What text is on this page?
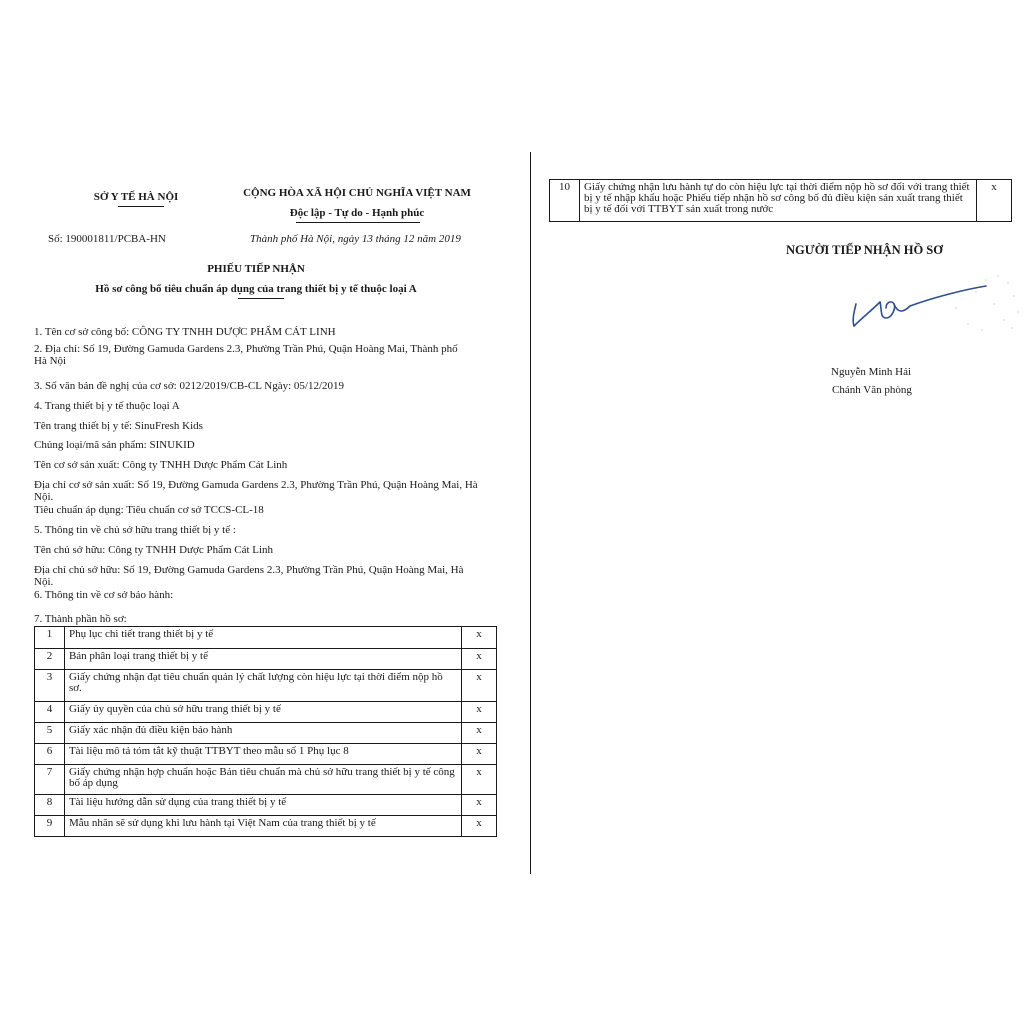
SỞ Y TẾ HÀ NỘI	CỘNG HÒA XÃ HỘI CHỦ NGHĨA VIỆT NAM
Độc lập - Tự do - Hạnh phúc
Số: 190001811/PCBA-HN	Thành phố Hà Nội, ngày 13 tháng 12 năm 2019
PHIẾU TIẾP NHẬN
Hồ sơ công bố tiêu chuẩn áp dụng của trang thiết bị y tế thuộc loại A
1. Tên cơ sở công bố: CÔNG TY TNHH DƯỢC PHẨM CÁT LINH
2. Địa chỉ: Số 19, Đường Gamuda Gardens 2.3, Phường Trần Phú, Quận Hoàng Mai, Thành phố Hà Nội
3. Số văn bản đề nghị của cơ sở: 0212/2019/CB-CL Ngày: 05/12/2019
4. Trang thiết bị y tế thuộc loại A
Tên trang thiết bị y tế: SinuFresh Kids
Chủng loại/mã sản phẩm: SINUKID
Tên cơ sở sản xuất: Công ty TNHH Dược Phẩm Cát Linh
Địa chỉ cơ sở sản xuất: Số 19, Đường Gamuda Gardens 2.3, Phường Trần Phú, Quận Hoàng Mai, Hà Nội.
Tiêu chuẩn áp dụng: Tiêu chuẩn cơ sở TCCS-CL-18
5. Thông tin về chủ sở hữu trang thiết bị y tế :
Tên chủ sở hữu: Công ty TNHH Dược Phẩm Cát Linh
Địa chỉ chủ sở hữu: Số 19, Đường Gamuda Gardens 2.3, Phường Trần Phú, Quận Hoàng Mai, Hà Nội.
6. Thông tin về cơ sở bảo hành:
7. Thành phần hồ sơ:
1	Phụ lục chi tiết trang thiết bị y tế	x
2	Bản phân loại trang thiết bị y tế	x
3	Giấy chứng nhận đạt tiêu chuẩn quản lý chất lượng còn hiệu lực tại thời điểm nộp hồ sơ.	x
4	Giấy ủy quyền của chủ sở hữu trang thiết bị y tế	x
5	Giấy xác nhận đủ điều kiện bảo hành	x
6	Tài liệu mô tả tóm tắt kỹ thuật TTBYT theo mẫu số 1 Phụ lục 8	x
7	Giấy chứng nhận hợp chuẩn hoặc Bản tiêu chuẩn mà chủ sở hữu trang thiết bị y tế công bố áp dụng	x
8	Tài liệu hướng dẫn sử dụng của trang thiết bị y tế	x
9	Mẫu nhãn sẽ sử dụng khi lưu hành tại Việt Nam của trang thiết bị y tế	x
10	Giấy chứng nhận lưu hành tự do còn hiệu lực tại thời điểm nộp hồ sơ đối với trang thiết bị y tế nhập khẩu hoặc Phiếu tiếp nhận hồ sơ công bố đủ điều kiện sản xuất trang thiết bị y tế đối với TTBYT sản xuất trong nước	x
NGƯỜI TIẾP NHẬN HỒ SƠ
Nguyễn Minh Hải
Chánh Văn phòng
